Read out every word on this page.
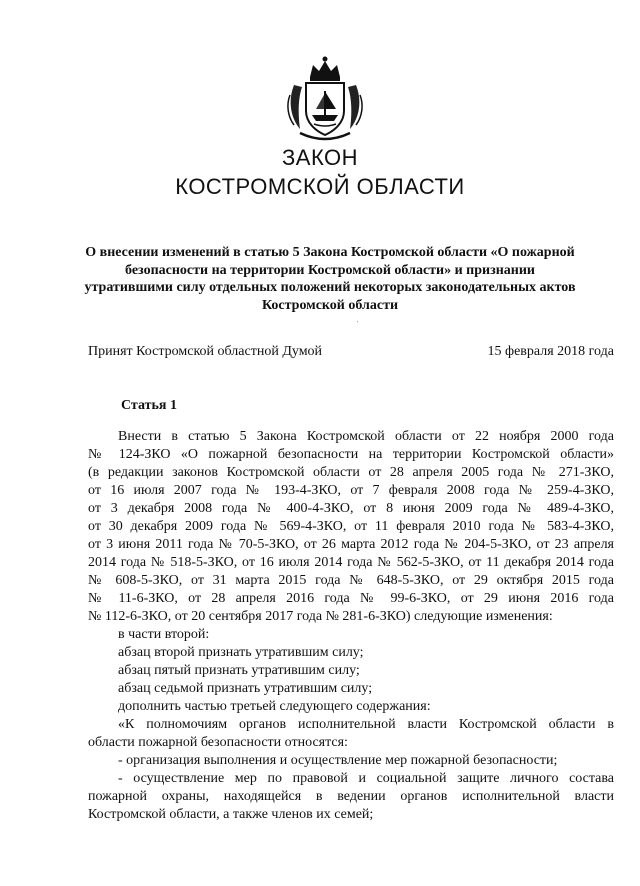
ЗАКОН
КОСТРОМСКОЙ ОБЛАСТИ
О внесении изменений в статью 5 Закона Костромской области «О пожарной
безопасности на территории Костромской области» и признании
утратившими силу отдельных положений некоторых законодательных актов
Костромской области
'
Принят Костромской областной Думой	15 февраля 2018 года
Статья 1
Внести в статью 5 Закона Костромской области от 22 ноября 2000 года
№ 124-ЗКО «О пожарной безопасности на территории Костромской области»
(в редакции законов Костромской области от 28 апреля 2005 года № 271-ЗКО,
от 16 июля 2007 года № 193-4-ЗКО, от 7 февраля 2008 года № 259-4-ЗКО,
от 3 декабря 2008 года № 400-4-ЗКО, от 8 июня 2009 года № 489-4-ЗКО,
от 30 декабря 2009 года № 569-4-ЗКО, от 11 февраля 2010 года № 583-4-ЗКО,
от 3 июня 2011 года № 70-5-ЗКО, от 26 марта 2012 года № 204-5-ЗКО, от 23 апреля
2014 года № 518-5-ЗКО, от 16 июля 2014 года № 562-5-ЗКО, от 11 декабря 2014 года
№ 608-5-ЗКО, от 31 марта 2015 года № 648-5-ЗКО, от 29 октября 2015 года
№ 11-6-ЗКО, от 28 апреля 2016 года № 99-6-ЗКО, от 29 июня 2016 года
№ 112-6-ЗКО, от 20 сентября 2017 года № 281-6-ЗКО) следующие изменения:
в части второй:
абзац второй признать утратившим силу;
абзац пятый признать утратившим силу;
абзац седьмой признать утратившим силу;
дополнить частью третьей следующего содержания:
«К полномочиям органов исполнительной власти Костромской области в
области пожарной безопасности относятся:
- организация выполнения и осуществление мер пожарной безопасности;
- осуществление мер по правовой и социальной защите личного состава
пожарной охраны, находящейся в ведении органов исполнительной власти
Костромской области, а также членов их семей;
